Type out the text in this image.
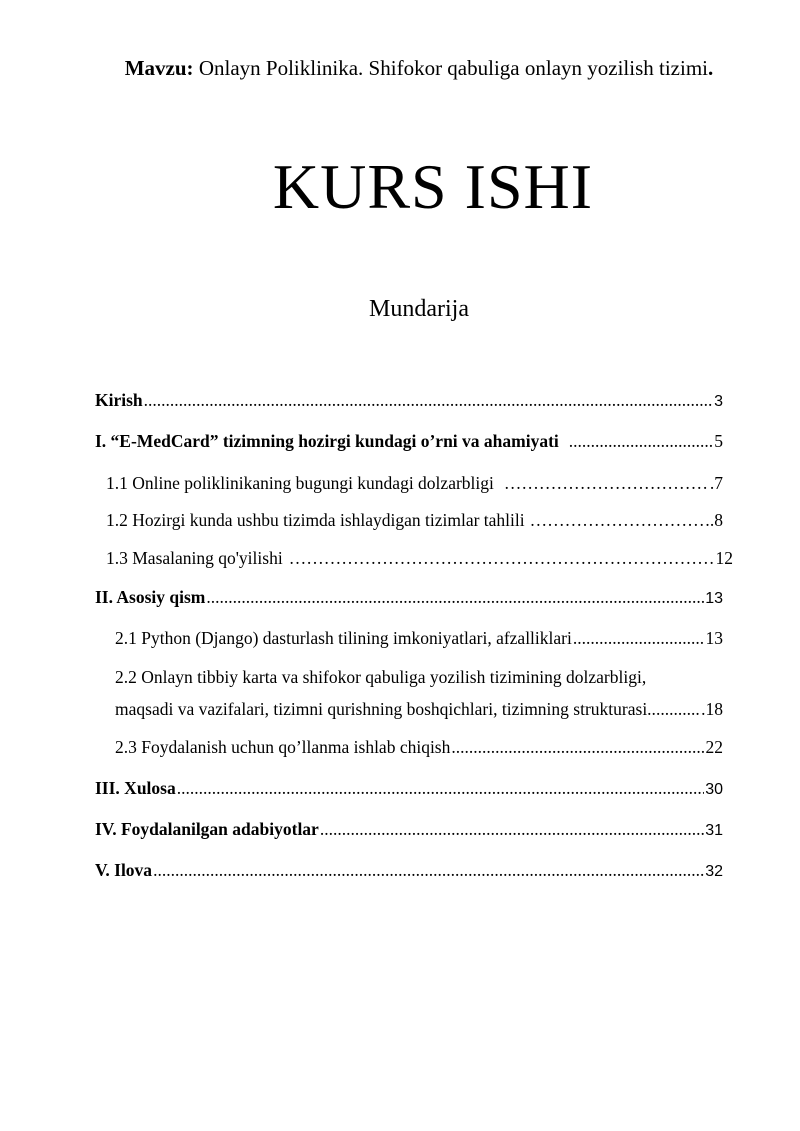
Mavzu: Onlayn Poliklinika. Shifokor qabuliga onlayn yozilish tizimi.
KURS ISHI
Mundarija
Kirish .....	3
I. “E-MedCard” tizimning hozirgi kundagi o’rni va ahamiyati .....	5
1.1 Online poliklinikaning bugungi kundagi dolzarbligi ……………………………………………………………………………………………………………………………………	.7
1.2 Hozirgi kunda ushbu tizimda ishlaydigan tizimlar tahlili ……………………………………………………………………………………………………………………………………	.8
1.3 Masalaning qo'yilishi ……………………………………………………………………………………………………………………………………	12
II. Asosiy qism .....	13
2.1 Python (Django) dasturlash tilining imkoniyatlari, afzalliklari .....	13
2.2 Onlayn tibbiy karta va shifokor qabuliga yozilish tizimining dolzarbligi,
maqsadi va vazifalari, tizimni qurishning boshqichlari, tizimning strukturasi.. .....	.18
2.3 Foydalanish uchun qo’llanma ishlab chiqish .....	22
III. Xulosa .....	30
IV. Foydalanilgan adabiyotlar .....	31
V. Ilova .....	32
